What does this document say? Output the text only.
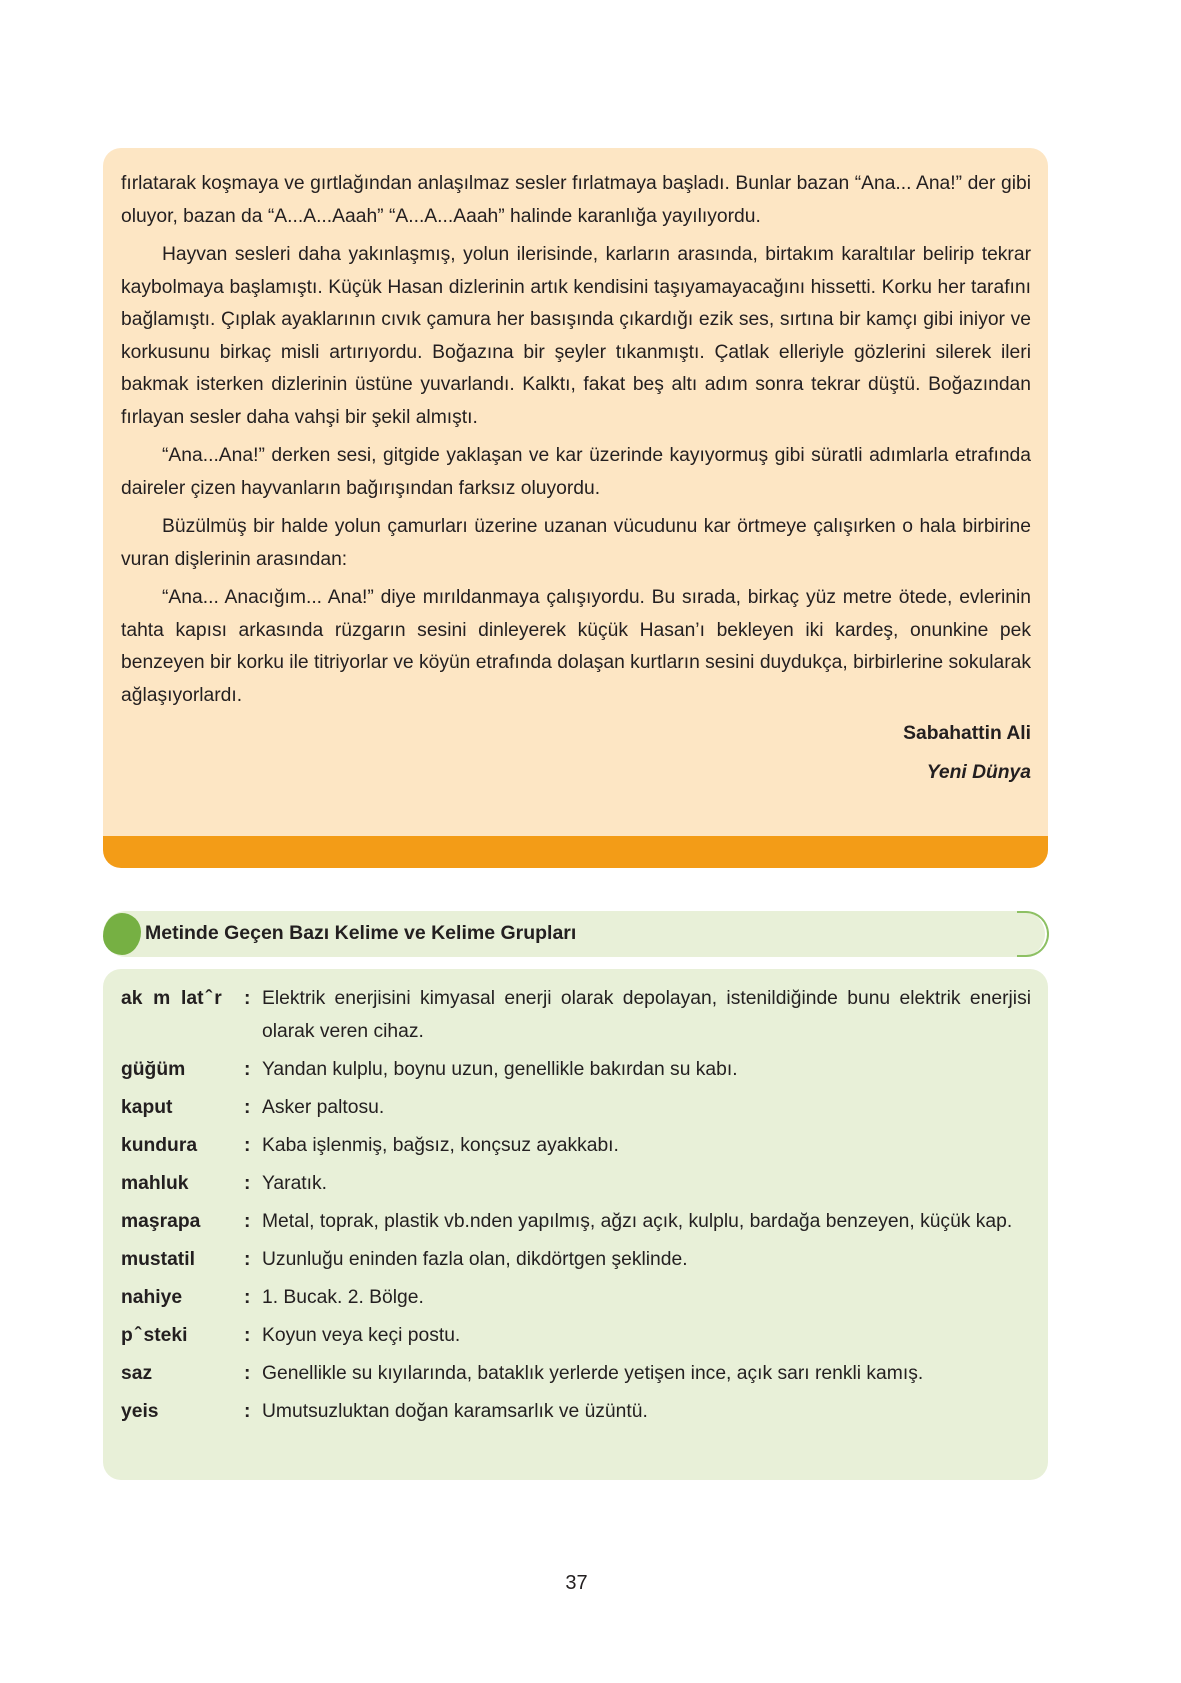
fırlatarak koşmaya ve gırtlağından anlaşılmaz sesler fırlatmaya başladı. Bunlar bazan “Ana... Ana!” der gibi oluyor, bazan da “A...A...Aaah” “A...A...Aaah” halinde karanlığa yayılıyordu.

Hayvan sesleri daha yakınlaşmış, yolun ilerisinde, karların arasında, birtakım karaltılar belirip tekrar kaybolmaya başlamıştı. Küçük Hasan dizlerinin artık kendisini taşıyamayacağını hissetti. Korku her tarafını bağlamıştı. Çıplak ayaklarının cıvık çamura her basışında çıkardığı ezik ses, sırtına bir kamçı gibi iniyor ve korkusunu birkaç misli artırıyordu. Boğazına bir şeyler tıkanmıştı. Çatlak elleriyle gözlerini silerek ileri bakmak isterken dizlerinin üstüne yuvarlandı. Kalktı, fakat beş altı adım sonra tekrar düştü. Boğazından fırlayan sesler daha vahşi bir şekil almıştı.

“Ana...Ana!” derken sesi, gitgide yaklaşan ve kar üzerinde kayıyormuş gibi süratli adımlarla etrafında daireler çizen hayvanların bağırışından farksız oluyordu.

Büzülmüş bir halde yolun çamurları üzerine uzanan vücudunu kar örtmeye çalışırken o hala birbirine vuran dişlerinin arasından:

“Ana... Anacığım... Ana!” diye mırıldanmaya çalışıyordu. Bu sırada, birkaç yüz metre ötede, evlerinin tahta kapısı arkasında rüzgarın sesini dinleyerek küçük Hasan’ı bekleyen iki kardeş, onunkine pek benzeyen bir korku ile titriyorlar ve köyün etrafında dolaşan kurtların sesini duydukça, birbirlerine sokularak ağlaşıyorlardı.

Sabahattin Ali
Yeni Dünya
Metinde Geçen Bazı Kelime ve Kelime Grupları
ak  m  lat ̂ r	: Elektrik enerjisini kimyasal enerji olarak depolayan, istenildiğinde bunu elektrik enerjisi olarak veren cihaz.
güğüm	: Yandan kulplu, boynu uzun, genellikle bakırdan su kabı.
kaput	: Asker paltosu.
kundura	: Kaba işlenmiş, bağsız, konçsuz ayakkabı.
mahluk	: Yaratık.
maşrapa	: Metal, toprak, plastik vb.nden yapılmış, ağzı açık, kulplu, bardağa benzeyen, küçük kap.
mustatil	: Uzunluğu eninden fazla olan, dikdörtgen şeklinde.
nahiye	: 1. Bucak. 2. Bölge.
p ̂ steki	: Koyun veya keçi postu.
saz	: Genellikle su kıyılarında, bataklık yerlerde yetişen ince, açık sarı renkli kamış.
yeis	: Umutsuzluktan doğan karamsarlık ve üzüntü.
37
